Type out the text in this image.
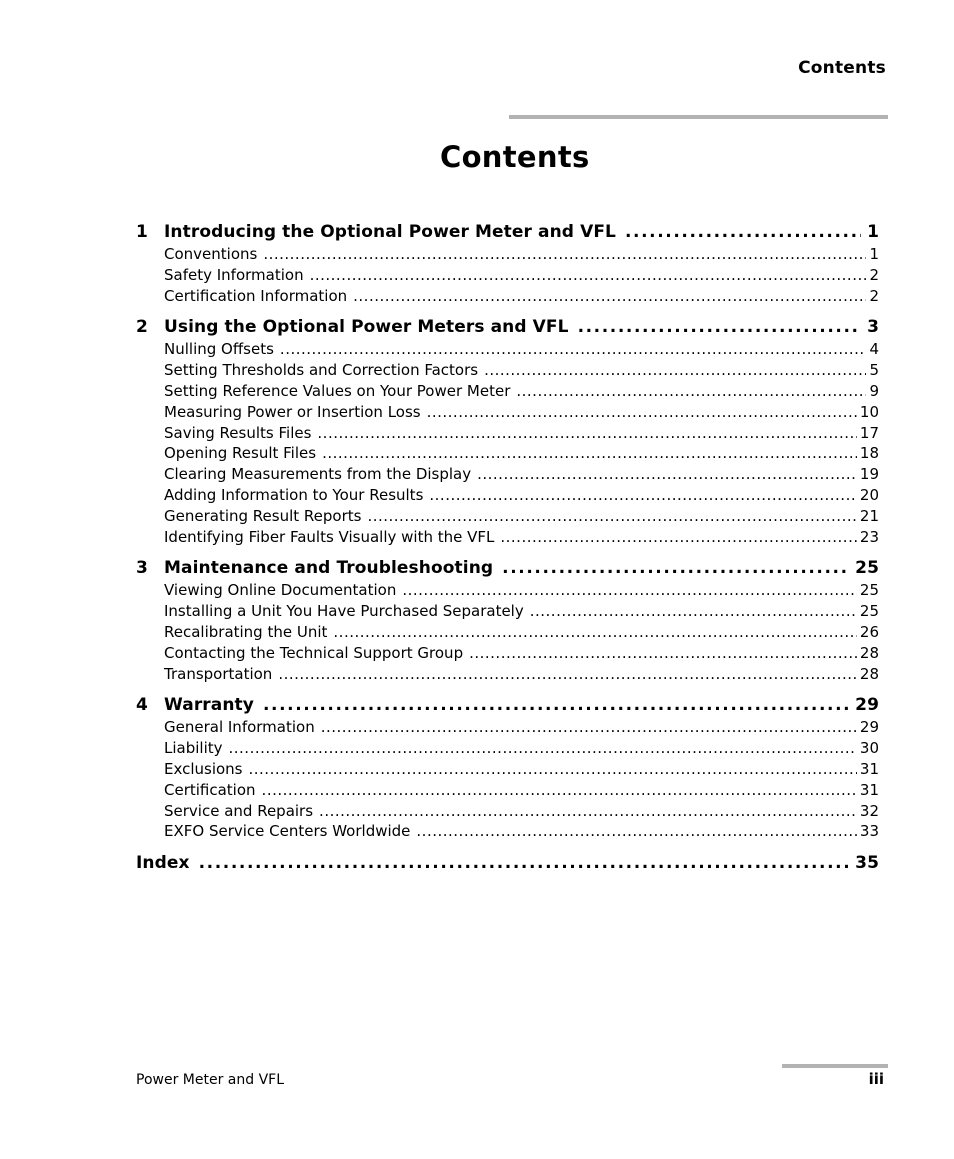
Contents
Contents
1 Introducing the Optional Power Meter and VFL .....	1
Conventions .....	1
Safety Information .....	2
Certification Information .....	2
2 Using the Optional Power Meters and VFL .....	3
Nulling Offsets .....	4
Setting Thresholds and Correction Factors .....	5
Setting Reference Values on Your Power Meter .....	9
Measuring Power or Insertion Loss .....	10
Saving Results Files .....	17
Opening Result Files .....	18
Clearing Measurements from the Display .....	19
Adding Information to Your Results .....	20
Generating Result Reports .....	21
Identifying Fiber Faults Visually with the VFL .....	23
3 Maintenance and Troubleshooting .....	25
Viewing Online Documentation .....	25
Installing a Unit You Have Purchased Separately .....	25
Recalibrating the Unit .....	26
Contacting the Technical Support Group .....	28
Transportation .....	28
4 Warranty .....	29
General Information .....	29
Liability .....	30
Exclusions .....	31
Certification .....	31
Service and Repairs .....	32
EXFO Service Centers Worldwide .....	33
Index .....	35
Power Meter and VFL	iii
